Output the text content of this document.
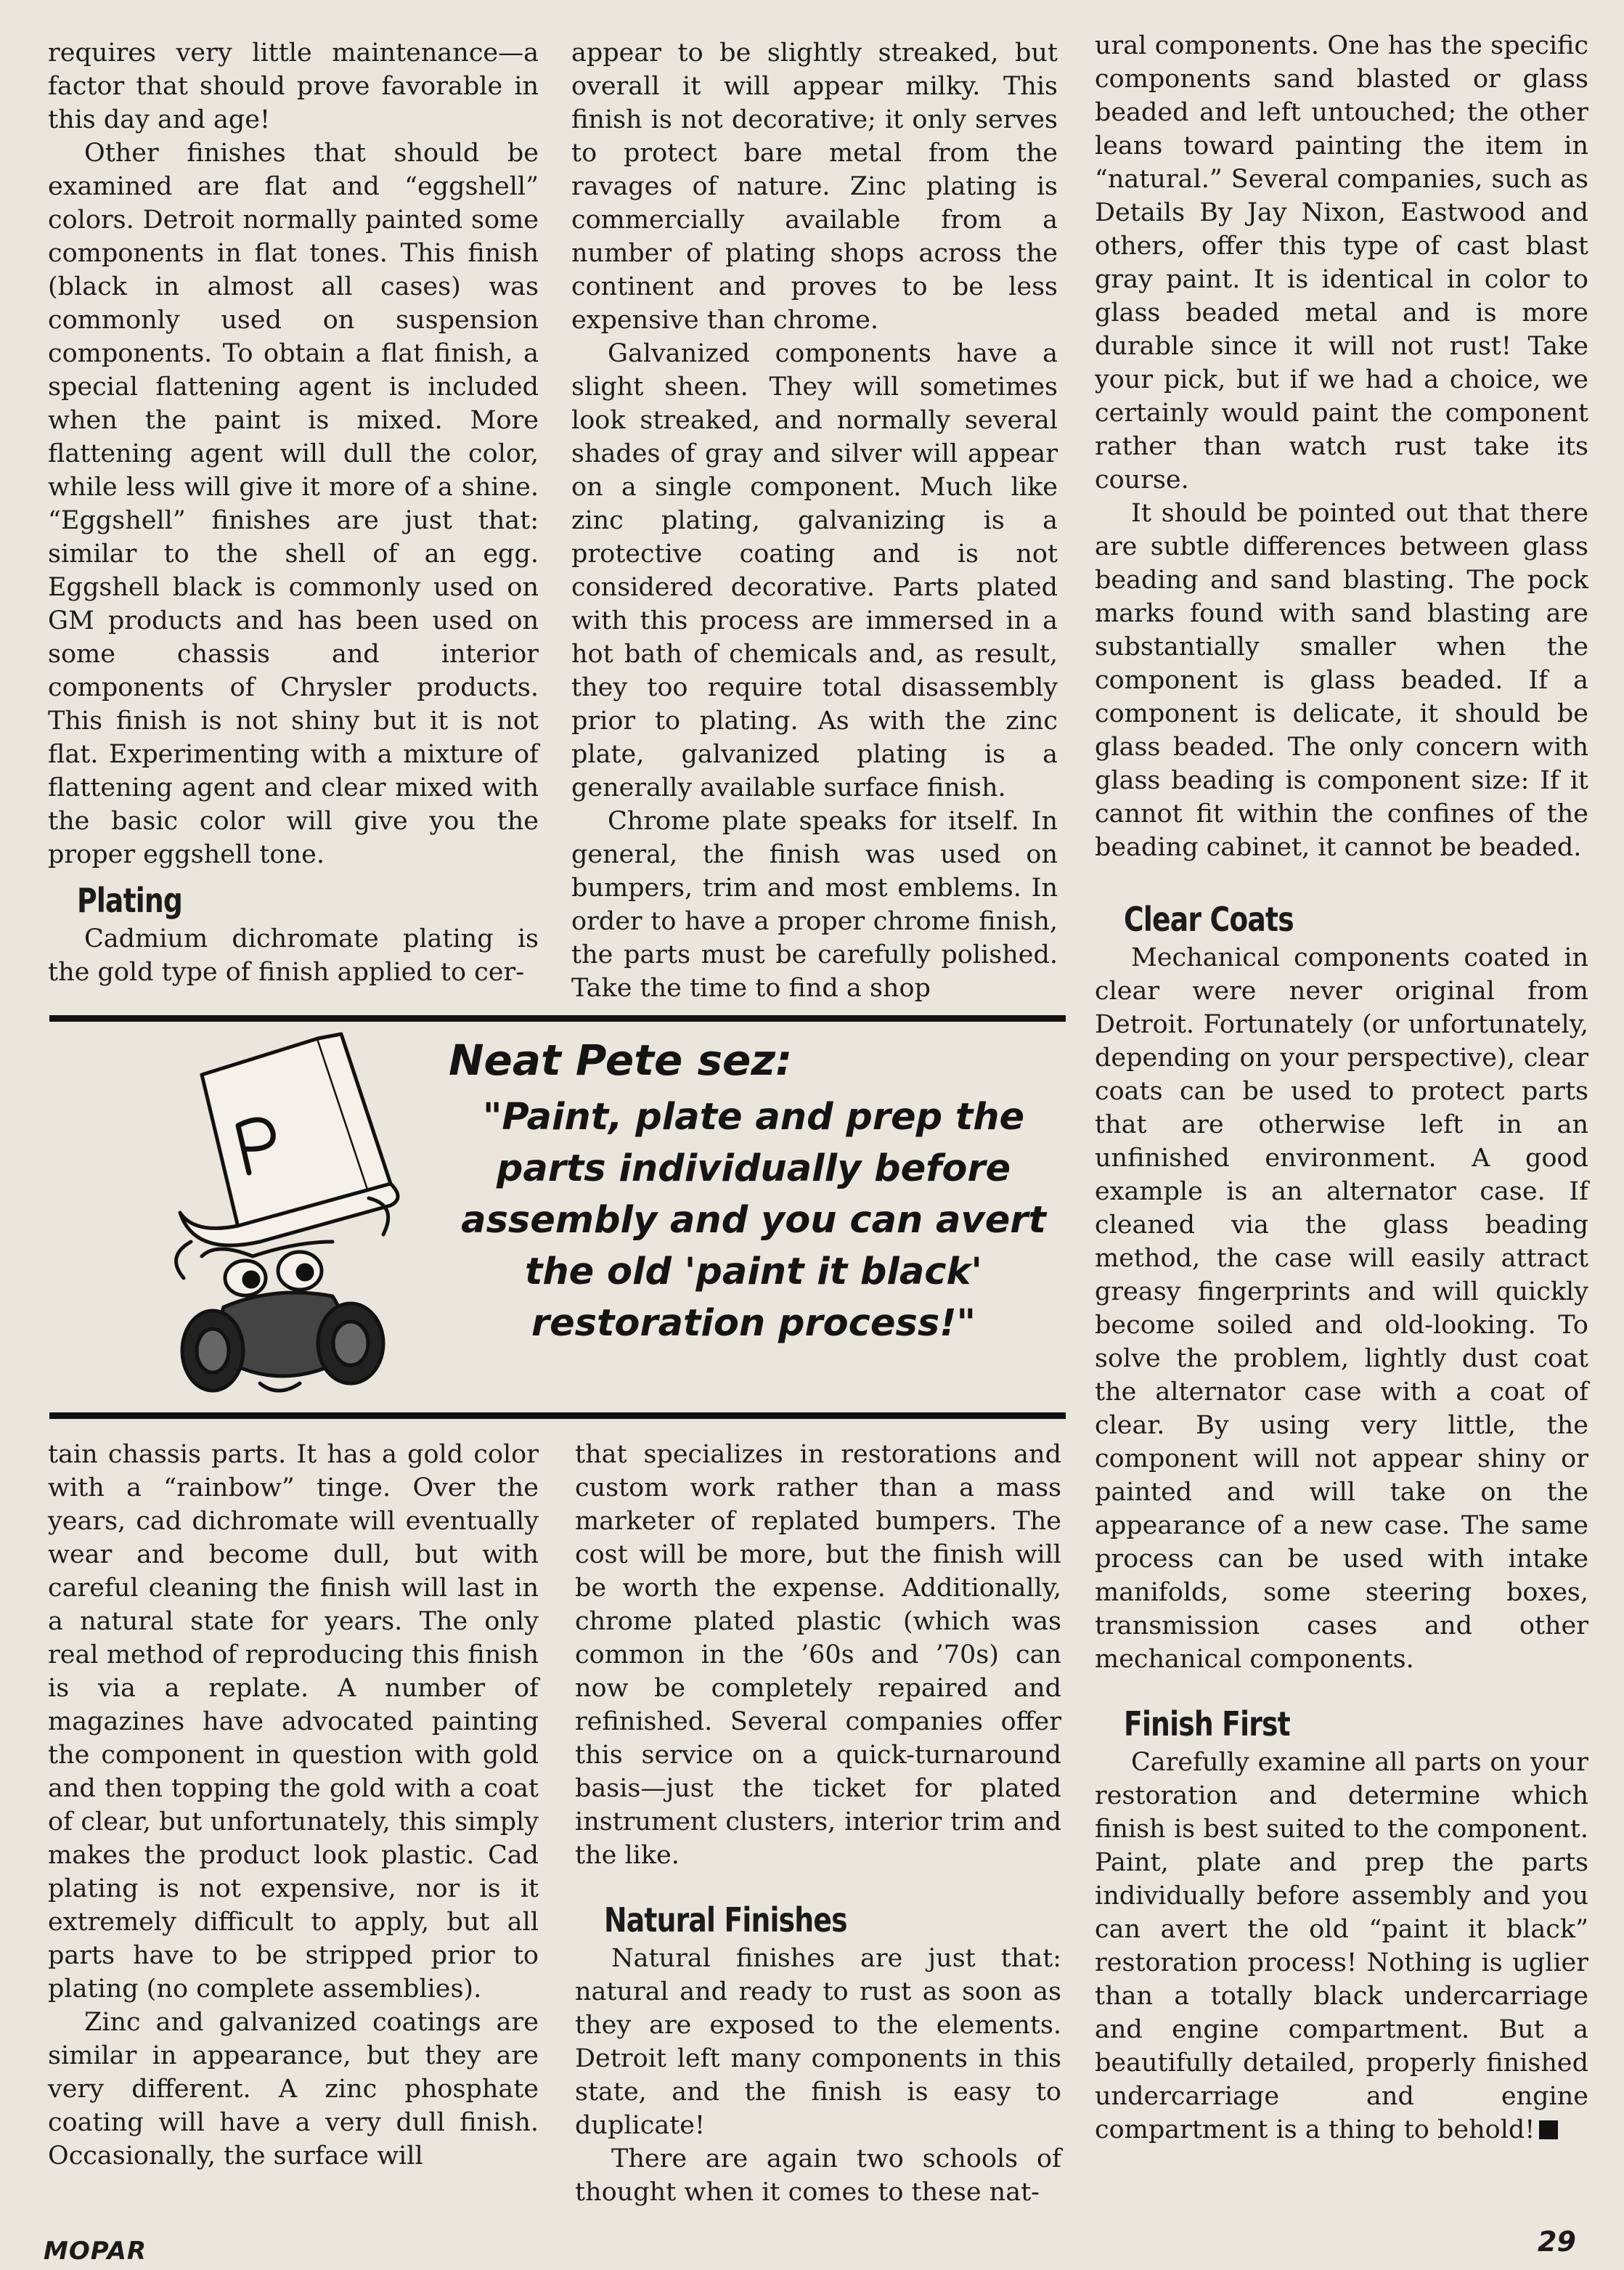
requires very little maintenance—a factor that should prove favorable in this day and age!

Other finishes that should be examined are flat and “eggshell” colors. Detroit normally painted some components in flat tones. This finish (black in almost all cases) was commonly used on suspension components. To obtain a flat finish, a special flattening agent is included when the paint is mixed. More flattening agent will dull the color, while less will give it more of a shine. “Eggshell” finishes are just that: similar to the shell of an egg. Eggshell black is commonly used on GM products and has been used on some chassis and interior components of Chrysler products. This finish is not shiny but it is not flat. Experimenting with a mixture of flattening agent and clear mixed with the basic color will give you the proper eggshell tone.

Plating

Cadmium dichromate plating is the gold type of finish applied to cer-

appear to be slightly streaked, but overall it will appear milky. This finish is not decorative; it only serves to protect bare metal from the ravages of nature. Zinc plating is commercially available from a number of plating shops across the continent and proves to be less expensive than chrome.

Galvanized components have a slight sheen. They will sometimes look streaked, and normally several shades of gray and silver will appear on a single component. Much like zinc plating, galvanizing is a protective coating and is not considered decorative. Parts plated with this process are immersed in a hot bath of chemicals and, as result, they too require total disassembly prior to plating. As with the zinc plate, galvanized plating is a generally available surface finish.

Chrome plate speaks for itself. In general, the finish was used on bumpers, trim and most emblems. In order to have a proper chrome finish, the parts must be carefully polished. Take the time to find a shop

ural components. One has the specific components sand blasted or glass beaded and left untouched; the other leans toward painting the item in “natural.” Several companies, such as Details By Jay Nixon, Eastwood and others, offer this type of cast blast gray paint. It is identical in color to glass beaded metal and is more durable since it will not rust! Take your pick, but if we had a choice, we certainly would paint the component rather than watch rust take its course.

It should be pointed out that there are subtle differences between glass beading and sand blasting. The pock marks found with sand blasting are substantially smaller when the component is glass beaded. If a component is delicate, it should be glass beaded. The only concern with glass beading is component size: If it cannot fit within the confines of the beading cabinet, it cannot be beaded.

Clear Coats

Mechanical components coated in clear were never original from Detroit. Fortunately (or unfortunately, depending on your perspective), clear coats can be used to protect parts that are otherwise left in an unfinished environment. A good example is an alternator case. If cleaned via the glass beading method, the case will easily attract greasy fingerprints and will quickly become soiled and old-looking. To solve the problem, lightly dust coat the alternator case with a coat of clear. By using very little, the component will not appear shiny or painted and will take on the appearance of a new case. The same process can be used with intake manifolds, some steering boxes, transmission cases and other mechanical components.

Finish First

Carefully examine all parts on your restoration and determine which finish is best suited to the component. Paint, plate and prep the parts individually before assembly and you can avert the old “paint it black” restoration process! Nothing is uglier than a totally black undercarriage and engine compartment. But a beautifully detailed, properly finished undercarriage and engine compartment is a thing to behold!

P
Neat Pete sez:
"Paint, plate and prep the parts individually before assembly and you can avert the old 'paint it black' restoration process!"

tain chassis parts. It has a gold color with a “rainbow” tinge. Over the years, cad dichromate will eventually wear and become dull, but with careful cleaning the finish will last in a natural state for years. The only real method of reproducing this finish is via a replate. A number of magazines have advocated painting the component in question with gold and then topping the gold with a coat of clear, but unfortunately, this simply makes the product look plastic. Cad plating is not expensive, nor is it extremely difficult to apply, but all parts have to be stripped prior to plating (no complete assemblies).

Zinc and galvanized coatings are similar in appearance, but they are very different. A zinc phosphate coating will have a very dull finish. Occasionally, the surface will

that specializes in restorations and custom work rather than a mass marketer of replated bumpers. The cost will be more, but the finish will be worth the expense. Additionally, chrome plated plastic (which was common in the ’60s and ’70s) can now be completely repaired and refinished. Several companies offer this service on a quick-turnaround basis—just the ticket for plated instrument clusters, interior trim and the like.

Natural Finishes

Natural finishes are just that: natural and ready to rust as soon as they are exposed to the elements. Detroit left many components in this state, and the finish is easy to duplicate!

There are again two schools of thought when it comes to these nat-

MOPAR	29
